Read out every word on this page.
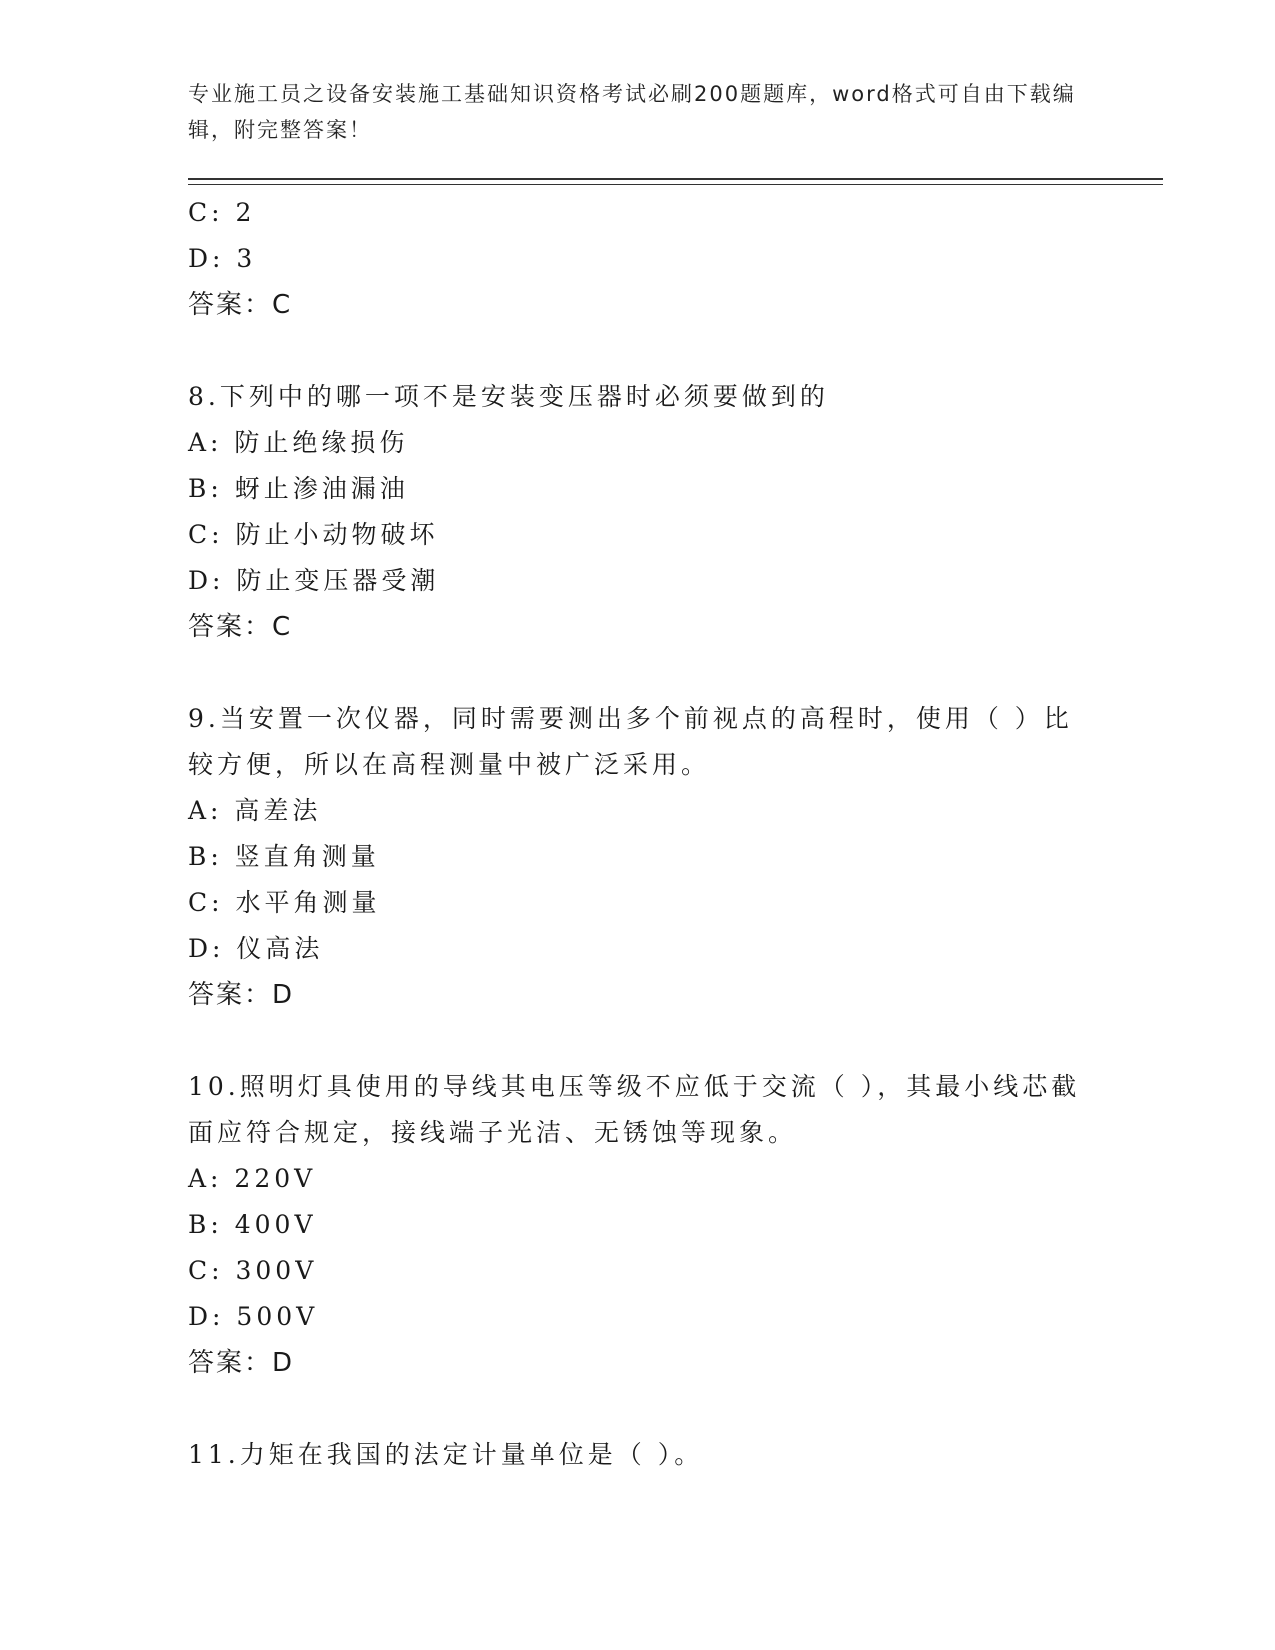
专业施工员之设备安装施工基础知识资格考试必刷200题题库，word格式可自由下载编辑，附完整答案！
C: 2
D: 3
答案：C
8.下列中的哪一项不是安装变压器时必须要做到的
A: 防止绝缘损伤
B: 蚜止渗油漏油
C: 防止小动物破坏
D: 防止变压器受潮
答案：C
9.当安置一次仪器，同时需要测出多个前视点的高程时，使用（ ）比较方便，所以在高程测量中被广泛采用。
A: 高差法
B: 竖直角测量
C: 水平角测量
D: 仪高法
答案：D
10.照明灯具使用的导线其电压等级不应低于交流（ ），其最小线芯截面应符合规定，接线端子光洁、无锈蚀等现象。
A: 220V
B: 400V
C: 300V
D: 500V
答案：D
11.力矩在我国的法定计量单位是（ ）。
